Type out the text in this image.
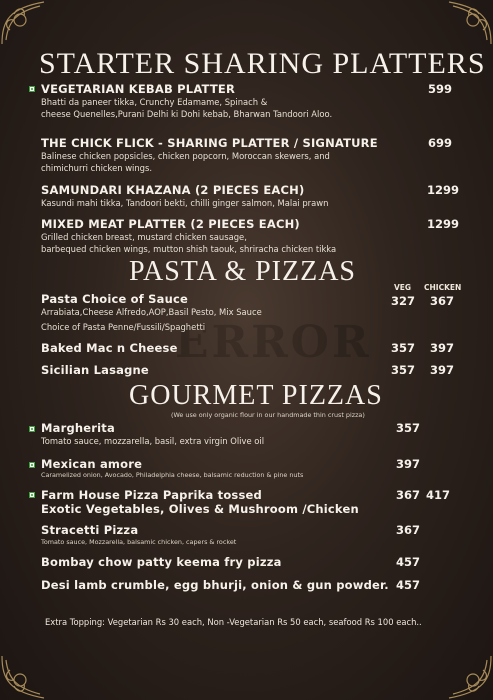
ERROR
STARTER SHARING PLATTERS
VEGETARIAN KEBAB PLATTER
Bhatti da paneer tikka, Crunchy Edamame, Spinach &
cheese Quenelles,Purani Delhi ki Dohi kebab, Bharwan Tandoori Aloo.
599
THE CHICK FLICK - SHARING PLATTER / SIGNATURE
Balinese chicken popsicles, chicken popcorn, Moroccan skewers, and
chimichurri chicken wings.
699
SAMUNDARI KHAZANA (2 PIECES EACH)
Kasundi mahi tikka, Tandoori bekti, chilli ginger salmon, Malai prawn
1299
MIXED MEAT PLATTER (2 PIECES EACH)
Grilled chicken breast, mustard chicken sausage,
barbequed chicken wings, mutton shish taouk, shriracha chicken tikka
1299
PASTA & PIZZAS
VEG CHICKEN
Pasta Choice of Sauce
Arrabiata,Cheese Alfredo,AOP,Basil Pesto, Mix Sauce
Choice of Pasta Penne/Fussili/Spaghetti
327 367
Baked Mac n Cheese	357 397
Sicilian Lasagne	357 397
GOURMET PIZZAS
(We use only organic flour in our handmade thin crust pizza)
Margherita
Tomato sauce, mozzarella, basil, extra virgin Olive oil
357
Mexican amore
Caramelized onion, Avocado, Philadelphia cheese, balsamic reduction & pine nuts
397
Farm House Pizza Paprika tossed
Exotic Vegetables, Olives & Mushroom /Chicken
367 417
Stracetti Pizza
Tomato sauce, Mozzarella, balsamic chicken, capers & rocket
367
Bombay chow patty keema fry pizza	457
Desi lamb crumble, egg bhurji, onion & gun powder. 457
Extra Topping: Vegetarian Rs 30 each, Non -Vegetarian Rs 50 each, seafood Rs 100 each..
